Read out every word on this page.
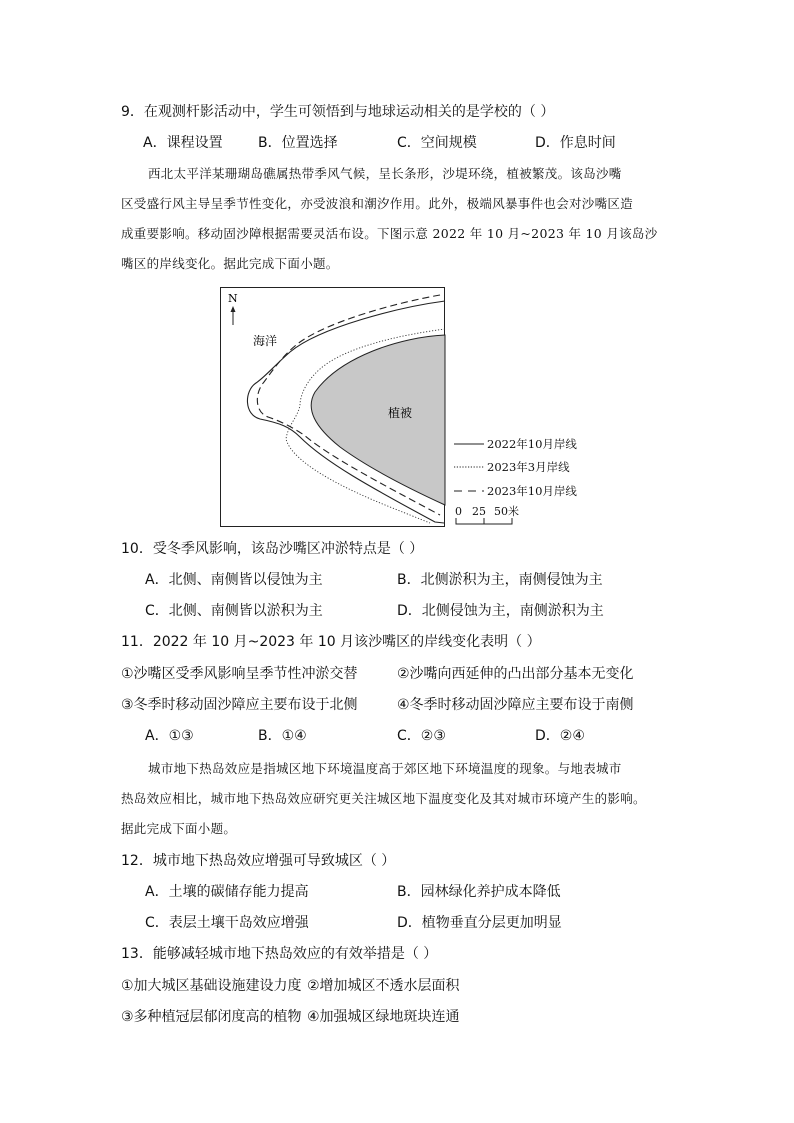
9．在观测杆影活动中，学生可领悟到与地球运动相关的是学校的（ ）
A．课程设置	B．位置选择	C．空间规模	D．作息时间
西北太平洋某珊瑚岛礁属热带季风气候，呈长条形，沙堤环绕，植被繁茂。该岛沙嘴
区受盛行风主导呈季节性变化，亦受波浪和潮汐作用。此外，极端风暴事件也会对沙嘴区造
成重要影响。移动固沙障根据需要灵活布设。下图示意 2022 年 10 月~2023 年 10 月该岛沙
嘴区的岸线变化。据此完成下面小题。
N
海洋
植被
2022年10月岸线
2023年3月岸线
2023年10月岸线
0 25 50米
10．受冬季风影响，该岛沙嘴区冲淤特点是（ ）
A．北侧、南侧皆以侵蚀为主	B．北侧淤积为主，南侧侵蚀为主
C．北侧、南侧皆以淤积为主	D．北侧侵蚀为主，南侧淤积为主
11．2022 年 10 月~2023 年 10 月该沙嘴区的岸线变化表明（ ）
①沙嘴区受季风影响呈季节性冲淤交替	②沙嘴向西延伸的凸出部分基本无变化
③冬季时移动固沙障应主要布设于北侧	④冬季时移动固沙障应主要布设于南侧
A．①③	B．①④	C．②③	D．②④
城市地下热岛效应是指城区地下环境温度高于郊区地下环境温度的现象。与地表城市
热岛效应相比，城市地下热岛效应研究更关注城区地下温度变化及其对城市环境产生的影响。
据此完成下面小题。
12．城市地下热岛效应增强可导致城区（ ）
A．土壤的碳储存能力提高	B．园林绿化养护成本降低
C．表层土壤干岛效应增强	D．植物垂直分层更加明显
13．能够减轻城市地下热岛效应的有效举措是（ ）
①加大城区基础设施建设力度 ②增加城区不透水层面积
③多种植冠层郁闭度高的植物 ④加强城区绿地斑块连通
